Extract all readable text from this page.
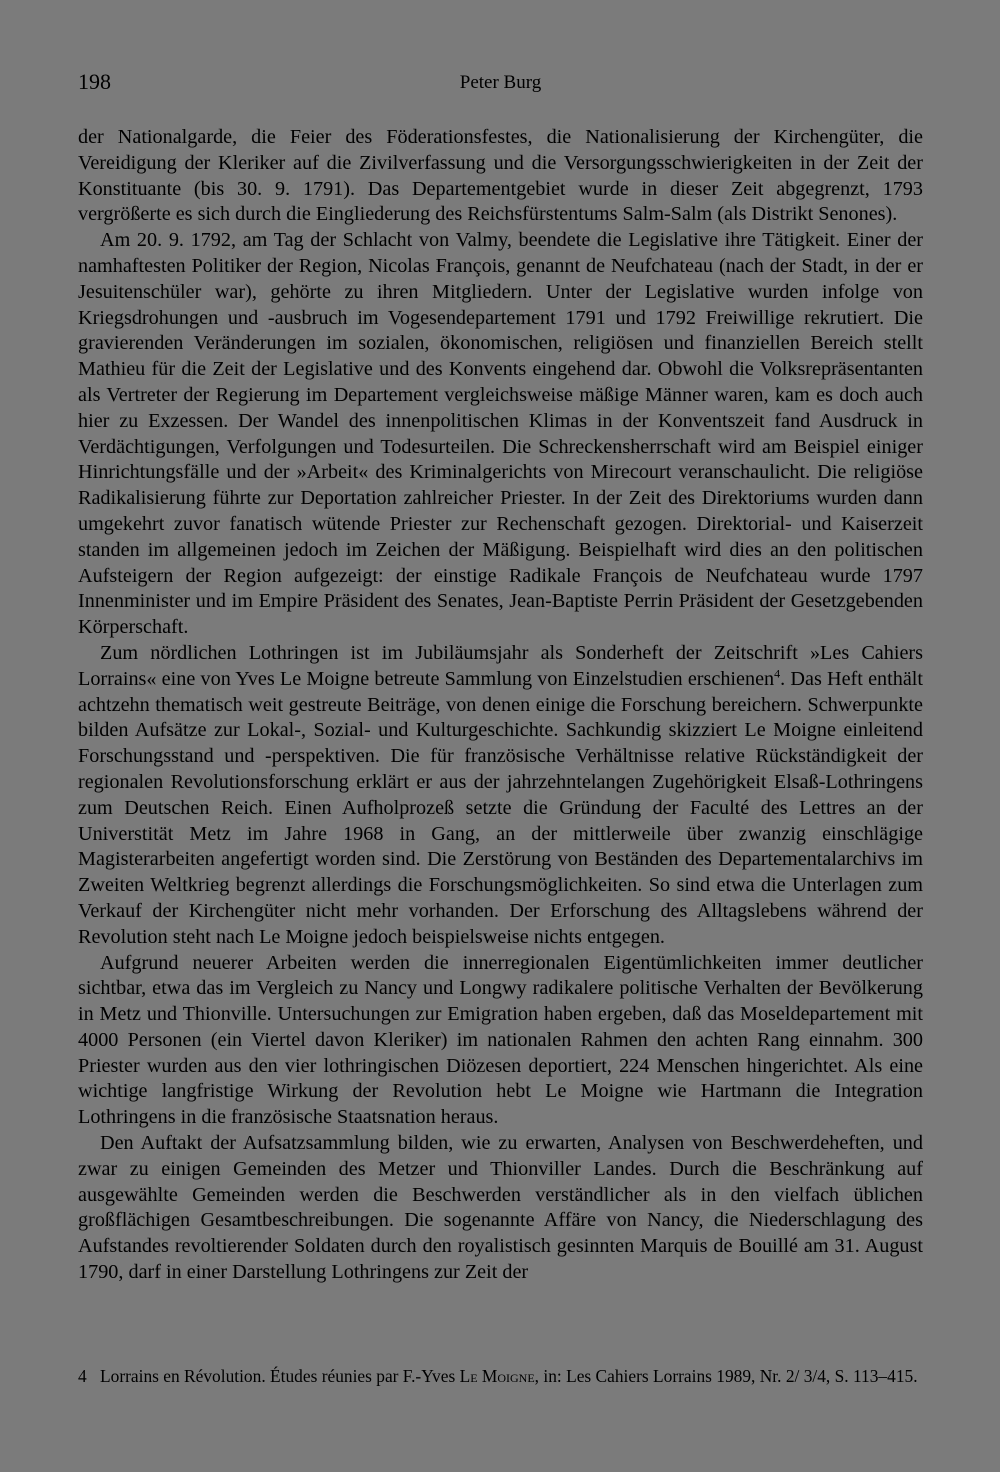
198	Peter Burg

der Nationalgarde, die Feier des Föderationsfestes, die Nationalisierung der Kirchengüter, die Vereidigung der Kleriker auf die Zivilverfassung und die Versorgungsschwierigkeiten in der Zeit der Konstituante (bis 30. 9. 1791). Das Departementgebiet wurde in dieser Zeit abgegrenzt, 1793 vergrößerte es sich durch die Eingliederung des Reichsfürstentums Salm-Salm (als Distrikt Senones).

Am 20. 9. 1792, am Tag der Schlacht von Valmy, beendete die Legislative ihre Tätigkeit. Einer der namhaftesten Politiker der Region, Nicolas François, genannt de Neufchateau (nach der Stadt, in der er Jesuitenschüler war), gehörte zu ihren Mitgliedern. Unter der Legislative wurden infolge von Kriegsdrohungen und -ausbruch im Vogesendepartement 1791 und 1792 Freiwillige rekrutiert. Die gravierenden Veränderungen im sozialen, ökonomischen, religiösen und finanziellen Bereich stellt Mathieu für die Zeit der Legislative und des Konvents eingehend dar. Obwohl die Volksrepräsentanten als Vertreter der Regierung im Departement vergleichsweise mäßige Männer waren, kam es doch auch hier zu Exzessen. Der Wandel des innenpolitischen Klimas in der Konventszeit fand Ausdruck in Verdächtigungen, Verfolgungen und Todesurteilen. Die Schreckensherrschaft wird am Beispiel einiger Hinrichtungsfälle und der »Arbeit« des Kriminalgerichts von Mirecourt veranschaulicht. Die religiöse Radikalisierung führte zur Deportation zahlreicher Priester. In der Zeit des Direktoriums wurden dann umgekehrt zuvor fanatisch wütende Priester zur Rechenschaft gezogen. Direktorial- und Kaiserzeit standen im allgemeinen jedoch im Zeichen der Mäßigung. Beispielhaft wird dies an den politischen Aufsteigern der Region aufgezeigt: der einstige Radikale François de Neufchateau wurde 1797 Innenminister und im Empire Präsident des Senates, Jean-Baptiste Perrin Präsident der Gesetzgebenden Körperschaft.

Zum nördlichen Lothringen ist im Jubiläumsjahr als Sonderheft der Zeitschrift »Les Cahiers Lorrains« eine von Yves Le Moigne betreute Sammlung von Einzelstudien erschienen$^4$. Das Heft enthält achtzehn thematisch weit gestreute Beiträge, von denen einige die Forschung bereichern. Schwerpunkte bilden Aufsätze zur Lokal-, Sozial- und Kulturgeschichte. Sachkundig skizziert Le Moigne einleitend Forschungsstand und -perspektiven. Die für französische Verhältnisse relative Rückständigkeit der regionalen Revolutionsforschung erklärt er aus der jahrzehntelangen Zugehörigkeit Elsaß-Lothringens zum Deutschen Reich. Einen Aufholprozeß setzte die Gründung der Faculté des Lettres an der Universtität Metz im Jahre 1968 in Gang, an der mittlerweile über zwanzig einschlägige Magisterarbeiten angefertigt worden sind. Die Zerstörung von Beständen des Departementalarchivs im Zweiten Weltkrieg begrenzt allerdings die Forschungsmöglichkeiten. So sind etwa die Unterlagen zum Verkauf der Kirchengüter nicht mehr vorhanden. Der Erforschung des Alltagslebens während der Revolution steht nach Le Moigne jedoch beispielsweise nichts entgegen.

Aufgrund neuerer Arbeiten werden die innerregionalen Eigentümlichkeiten immer deutlicher sichtbar, etwa das im Vergleich zu Nancy und Longwy radikalere politische Verhalten der Bevölkerung in Metz und Thionville. Untersuchungen zur Emigration haben ergeben, daß das Moseldepartement mit 4000 Personen (ein Viertel davon Kleriker) im nationalen Rahmen den achten Rang einnahm. 300 Priester wurden aus den vier lothringischen Diözesen deportiert, 224 Menschen hingerichtet. Als eine wichtige langfristige Wirkung der Revolution hebt Le Moigne wie Hartmann die Integration Lothringens in die französische Staatsnation heraus.

Den Auftakt der Aufsatzsammlung bilden, wie zu erwarten, Analysen von Beschwerdeheften, und zwar zu einigen Gemeinden des Metzer und Thionviller Landes. Durch die Beschränkung auf ausgewählte Gemeinden werden die Beschwerden verständlicher als in den vielfach üblichen großflächigen Gesamtbeschreibungen. Die sogenannte Affäre von Nancy, die Niederschlagung des Aufstandes revoltierender Soldaten durch den royalistisch gesinnten Marquis de Bouillé am 31. August 1790, darf in einer Darstellung Lothringens zur Zeit der

4 Lorrains en Révolution. Études réunies par F.-Yves Le Moigne, in: Les Cahiers Lorrains 1989, Nr. 2/ 3/4, S. 113–415.
